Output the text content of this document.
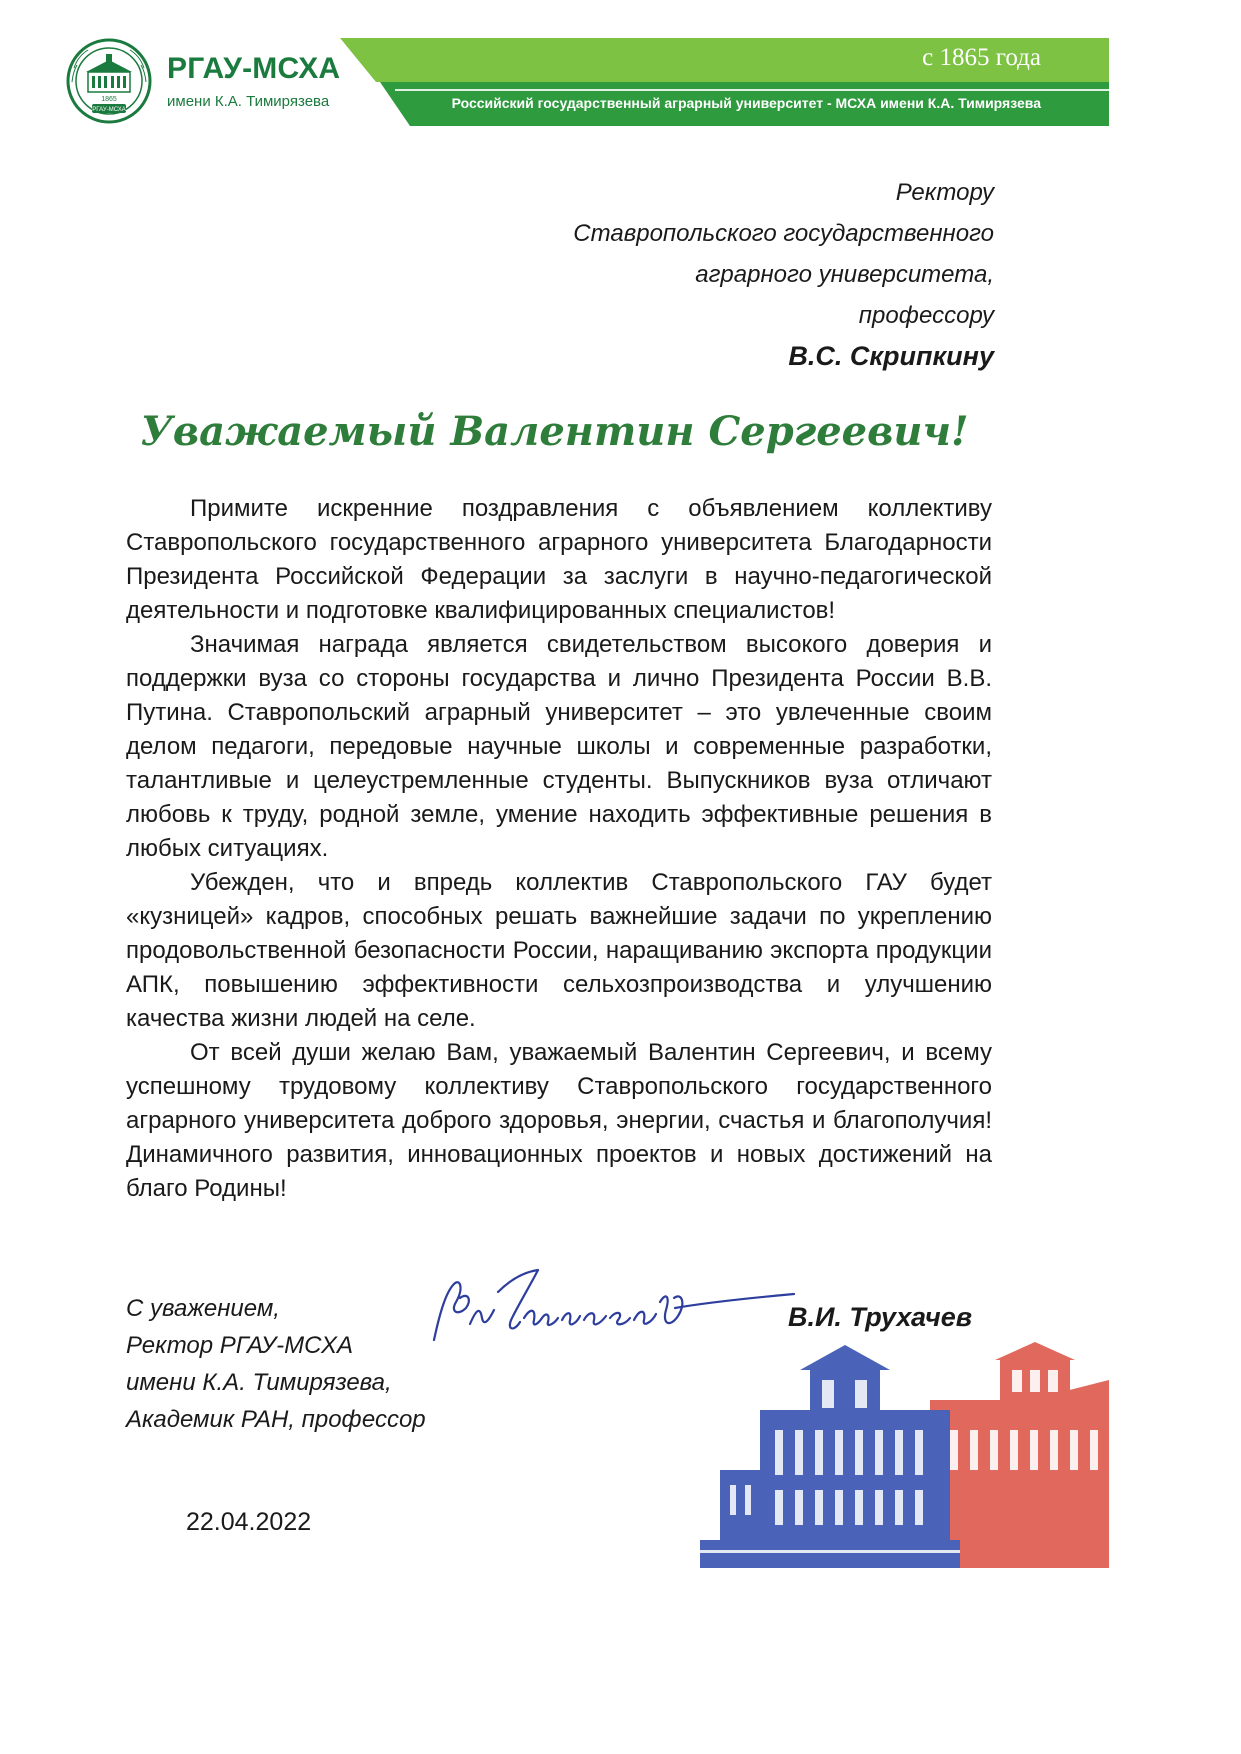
1865
РГАУ-МСХА
РГАУ-МСХА
имени К.А. Тимирязева
с 1865 года
Российский государственный аграрный университет - МСХА имени К.А. Тимирязева
Ректору
Ставропольского государственного
аграрного университета,
профессору
В.С. Скрипкину
Уважаемый Валентин Сергеевич!

Примите искренние поздравления с объявлением коллективу Ставропольского государственного аграрного университета Благодарности Президента Российской Федерации за заслуги в научно-педагогической деятельности и подготовке квалифицированных специалистов!

Значимая награда является свидетельством высокого доверия и поддержки вуза со стороны государства и лично Президента России В.В. Путина. Ставропольский аграрный университет – это увлеченные своим делом педагоги, передовые научные школы и современные разработки, талантливые и целеустремленные студенты. Выпускников вуза отличают любовь к труду, родной земле, умение находить эффективные решения в любых ситуациях.

Убежден, что и впредь коллектив Ставропольского ГАУ будет «кузницей» кадров, способных решать важнейшие задачи по укреплению продовольственной безопасности России, наращиванию экспорта продукции АПК, повышению эффективности сельхозпроизводства и улучшению качества жизни людей на селе.

От всей души желаю Вам, уважаемый Валентин Сергеевич, и всему успешному трудовому коллективу Ставропольского государственного аграрного университета доброго здоровья, энергии, счастья и благополучия! Динамичного развития, инновационных проектов и новых достижений на благо Родины!

С уважением,
Ректор РГАУ-МСХА
имени К.А. Тимирязева,
Академик РАН, профессор
В.И. Трухачев
22.04.2022
